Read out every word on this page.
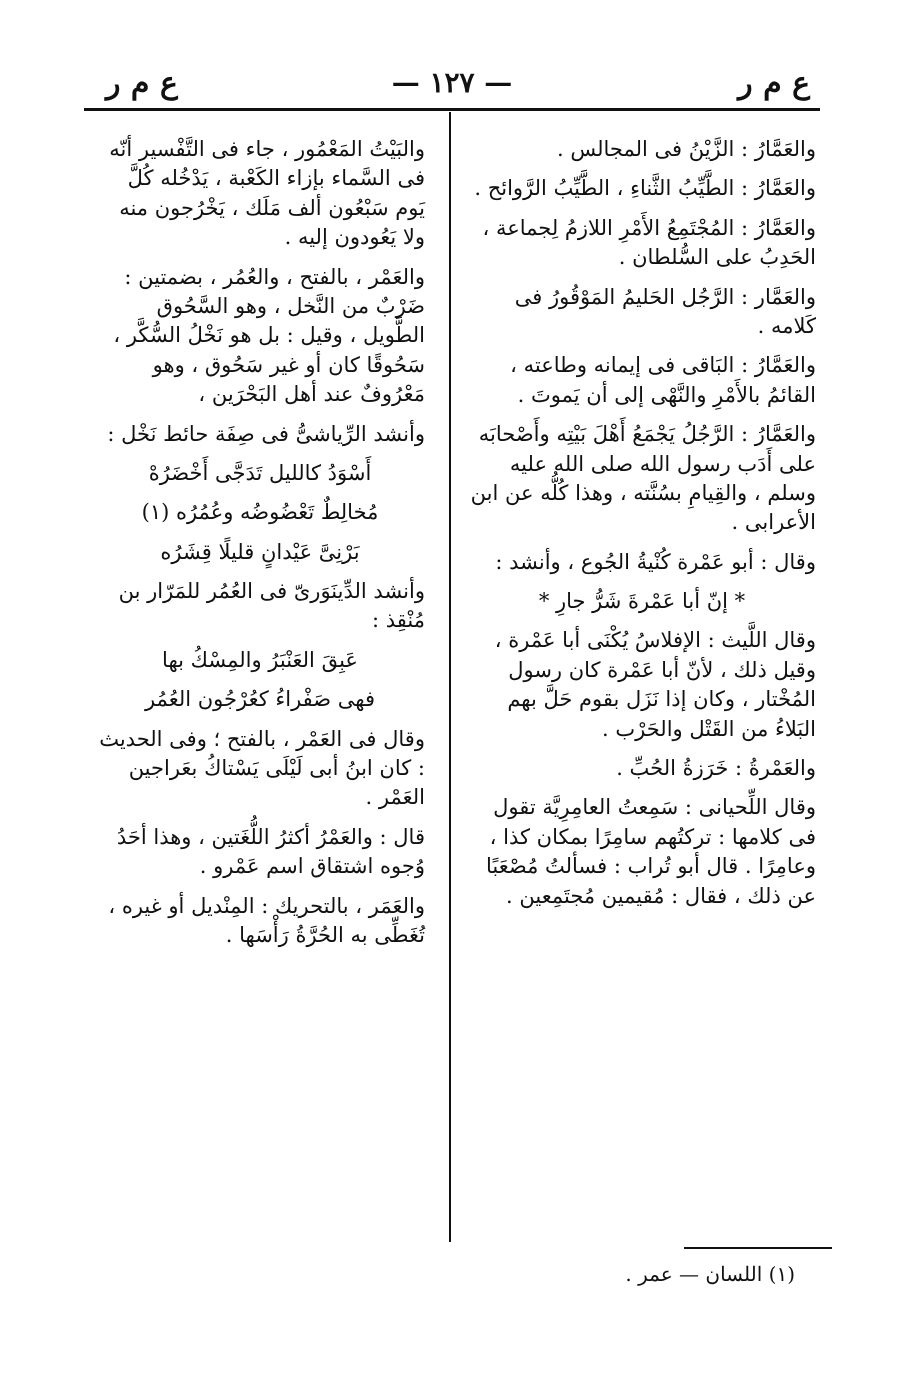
ع م ر
— ١٢٧ —
ع م ر

والعَمَّارُ : الزَّيْنُ فى المجالس .

والعَمَّارُ : الطَّيِّبُ الثَّناءِ ، الطَّيِّبُ الرَّوائح .

والعَمَّارُ : المُجْتَمِعُ الأَمْرِ اللازمُ لِجماعة ، الحَدِبُ على السُّلطان .

والعَمَّار : الرَّجُل الحَليمُ المَوْقُورُ فى كَلامه .

والعَمَّارُ : البَاقى فى إيمانه وطاعته ، القائمُ بالأَمْرِ والنَّهْى إلى أن يَموتَ .

والعَمَّارُ : الرَّجُلُ يَجْمَعُ أَهْلَ بَيْتِه وأَصْحابَه على أَدَب رسول الله صلى الله عليه وسلم ، والقِيامِ بسُنَّته ، وهذا كُلُّه عن ابن الأعرابى .

وقال : أبو عَمْرة كُنْيةُ الجُوع ، وأنشد :

* إنّ أبا عَمْرةَ شَرُّ جارِ *

وقال اللَّيث : الإفلاسُ يُكْنَى أبا عَمْرة ، وقيل ذلك ، لأنّ أبا عَمْرة كان رسول المُخْتار ، وكان إذا نَزَل بقوم حَلَّ بهم البَلاءُ من القَتْل والحَرْب .

والعَمْرةُ : خَرَزةُ الحُبِّ .

وقال اللِّحيانى : سَمِعتُ العامِرِيَّة تقول فى كلامها : تركتُهم سامِرًا بمكان كذا ، وعامِرًا . قال أبو تُراب : فسألتُ مُصْعَبًا عن ذلك ، فقال : مُقيمين مُجتَمِعين .

والبَيْتُ المَعْمُور ، جاء فى التَّفْسير أنّه فى السَّماء بإزاء الكَعْبة ، يَدْخُله كُلَّ يَوم سَبْعُون ألف مَلَك ، يَخْرُجون منه ولا يَعُودون إليه .

والعَمْر ، بالفتح ، والعُمُر ، بضمتين : ضَرْبٌ من النَّخل ، وهو السَّحُوق الطَّويل ، وقيل : بل هو نَخْلُ السُّكَّر ، سَحُوقًا كان أو غير سَحُوق ، وهو مَعْرُوفٌ عند أهل البَحْرَين ،

وأنشد الرِّياشىُّ فى صِفَة حائط نَخْل :

أَسْوَدُ كالليل تَدَجَّى أَخْضَرُهْ

مُخالِطٌ تَعْضُوضُه وعُمُرُه (١)

بَرْنِىَّ عَيْدانٍ قليلًا قِشَرُه

وأنشد الدِّينَوَرىّ فى العُمُر للمَرّار بن مُنْقِذ :

عَبِقَ العَنْبَرُ والمِسْكُ بها

فهى صَفْراءُ كعُرْجُون العُمُر

وقال فى العَمْر ، بالفتح ؛ وفى الحديث : كان ابنُ أبى لَيْلَى يَسْتاكُ بعَراجين العَمْر .

قال : والعَمْرُ أكثرُ اللُّغَتين ، وهذا أحَدُ وُجوه اشتقاق اسم عَمْرو .

والعَمَر ، بالتحريك : المِنْديل أو غيره ، تُغَطِّى به الحُرَّةُ رَأْسَها .

(١) اللسان — عمر .
